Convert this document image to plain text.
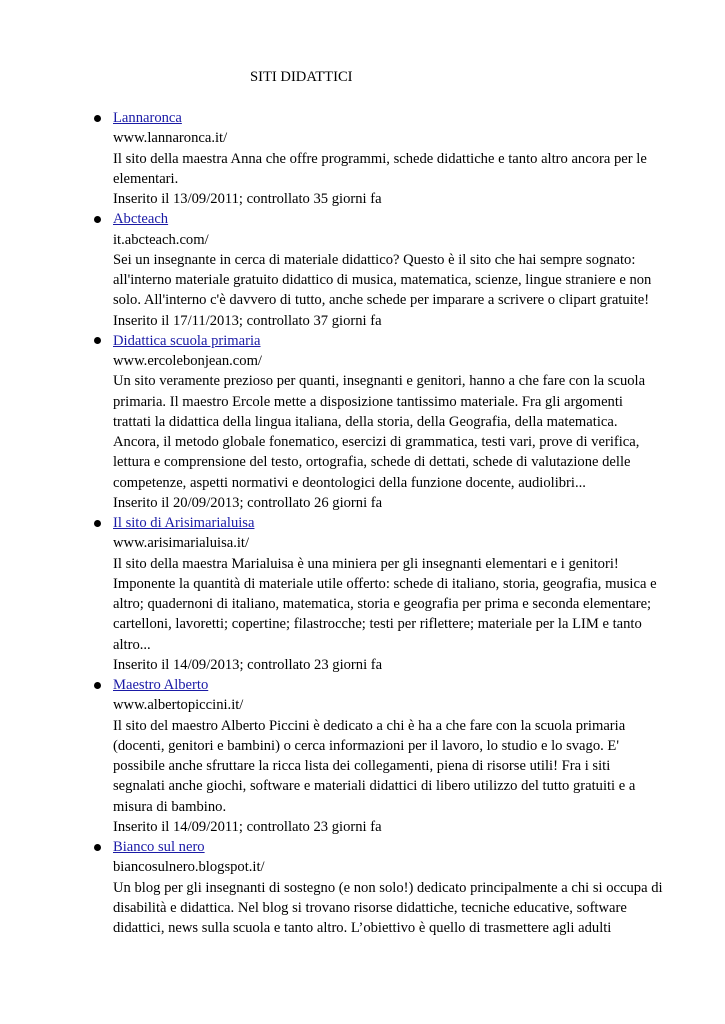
SITI DIDATTICI
Lannaronca
www.lannaronca.it/
Il sito della maestra Anna che offre programmi, schede didattiche e tanto altro ancora per le elementari.
Inserito il 13/09/2011; controllato 35 giorni fa
Abcteach
it.abcteach.com/
Sei un insegnante in cerca di materiale didattico? Questo è il sito che hai sempre sognato: all'interno materiale gratuito didattico di musica, matematica, scienze, lingue straniere e non solo. All'interno c'è davvero di tutto, anche schede per imparare a scrivere o clipart gratuite!
Inserito il 17/11/2013; controllato 37 giorni fa
Didattica scuola primaria
www.ercolebonjean.com/
Un sito veramente prezioso per quanti, insegnanti e genitori, hanno a che fare con la scuola primaria. Il maestro Ercole mette a disposizione tantissimo materiale. Fra gli argomenti trattati la didattica della lingua italiana, della storia, della Geografia, della matematica. Ancora, il metodo globale fonematico, esercizi di grammatica, testi vari, prove di verifica, lettura e comprensione del testo, ortografia, schede di dettati, schede di valutazione delle competenze, aspetti normativi e deontologici della funzione docente, audiolibri...
Inserito il 20/09/2013; controllato 26 giorni fa
Il sito di Arisimarialuisa
www.arisimarialuisa.it/
Il sito della maestra Marialuisa è una miniera per gli insegnanti elementari e i genitori! Imponente la quantità di materiale utile offerto: schede di italiano, storia, geografia, musica e altro; quadernoni di italiano, matematica, storia e geografia per prima e seconda elementare; cartelloni, lavoretti; copertine; filastrocche; testi per riflettere; materiale per la LIM e tanto altro...
Inserito il 14/09/2013; controllato 23 giorni fa
Maestro Alberto
www.albertopiccini.it/
Il sito del maestro Alberto Piccini è dedicato a chi è ha a che fare con la scuola primaria (docenti, genitori e bambini) o cerca informazioni per il lavoro, lo studio e lo svago. E' possibile anche sfruttare la ricca lista dei collegamenti, piena di risorse utili! Fra i siti segnalati anche giochi, software e materiali didattici di libero utilizzo del tutto gratuiti e a misura di bambino.
Inserito il 14/09/2011; controllato 23 giorni fa
Bianco sul nero
biancosulnero.blogspot.it/
Un blog per gli insegnanti di sostegno (e non solo!) dedicato principalmente a chi si occupa di disabilità e didattica. Nel blog si trovano risorse didattiche, tecniche educative, software didattici, news sulla scuola e tanto altro. L’obiettivo è quello di trasmettere agli adulti
